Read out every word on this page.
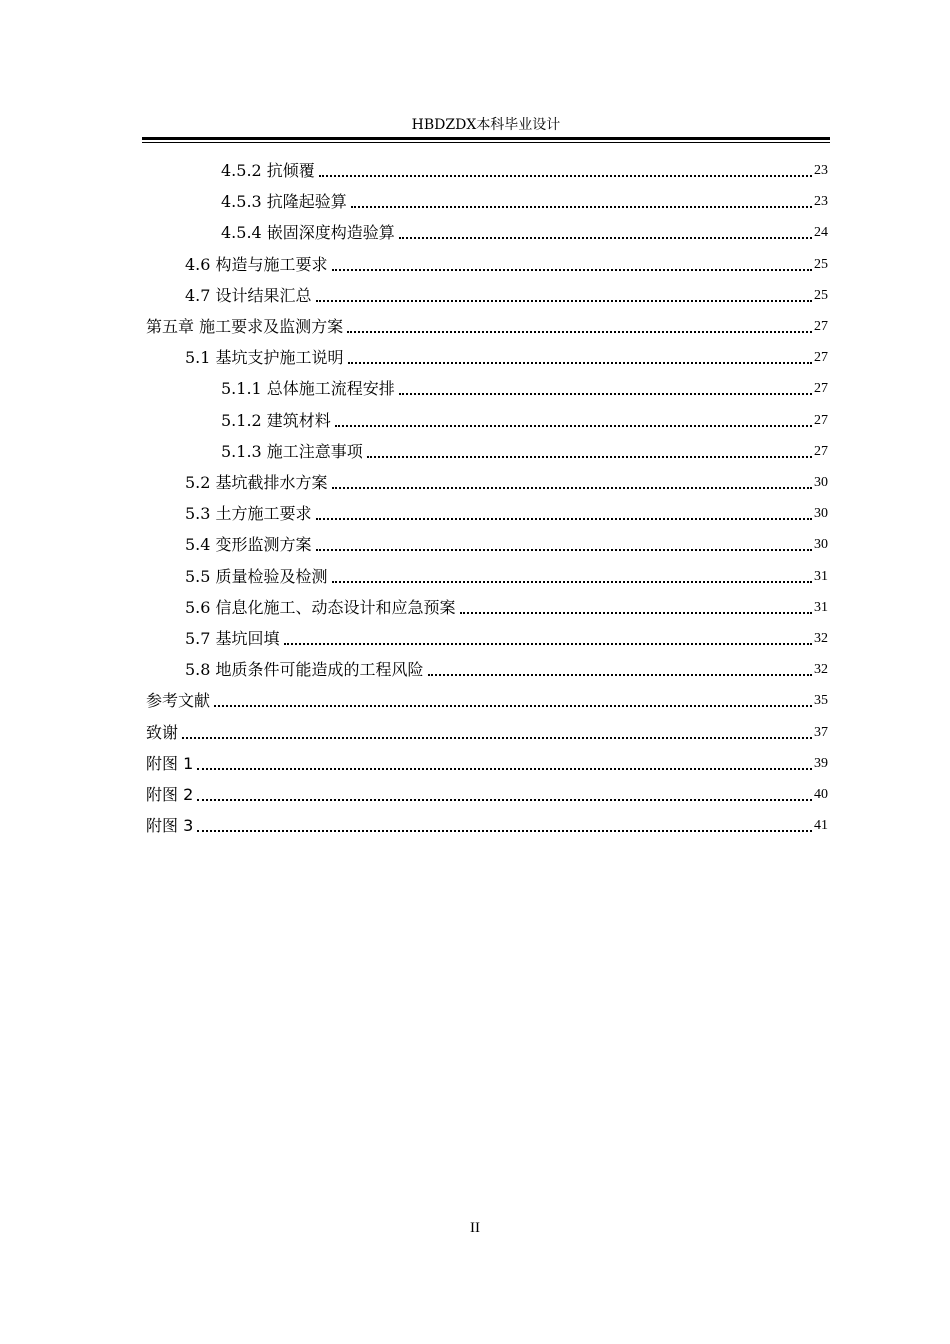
HBDZDX本科毕业设计
4.5.2 抗倾覆	23
4.5.3 抗隆起验算	23
4.5.4 嵌固深度构造验算	24
4.6 构造与施工要求	25
4.7 设计结果汇总	25
第五章 施工要求及监测方案	27
5.1 基坑支护施工说明	27
5.1.1 总体施工流程安排	27
5.1.2 建筑材料	27
5.1.3 施工注意事项	27
5.2 基坑截排水方案	30
5.3 土方施工要求	30
5.4 变形监测方案	30
5.5 质量检验及检测	31
5.6 信息化施工、动态设计和应急预案	31
5.7 基坑回填	32
5.8 地质条件可能造成的工程风险	32
参考文献	35
致谢	37
附图 1	39
附图 2	40
附图 3	41
II
